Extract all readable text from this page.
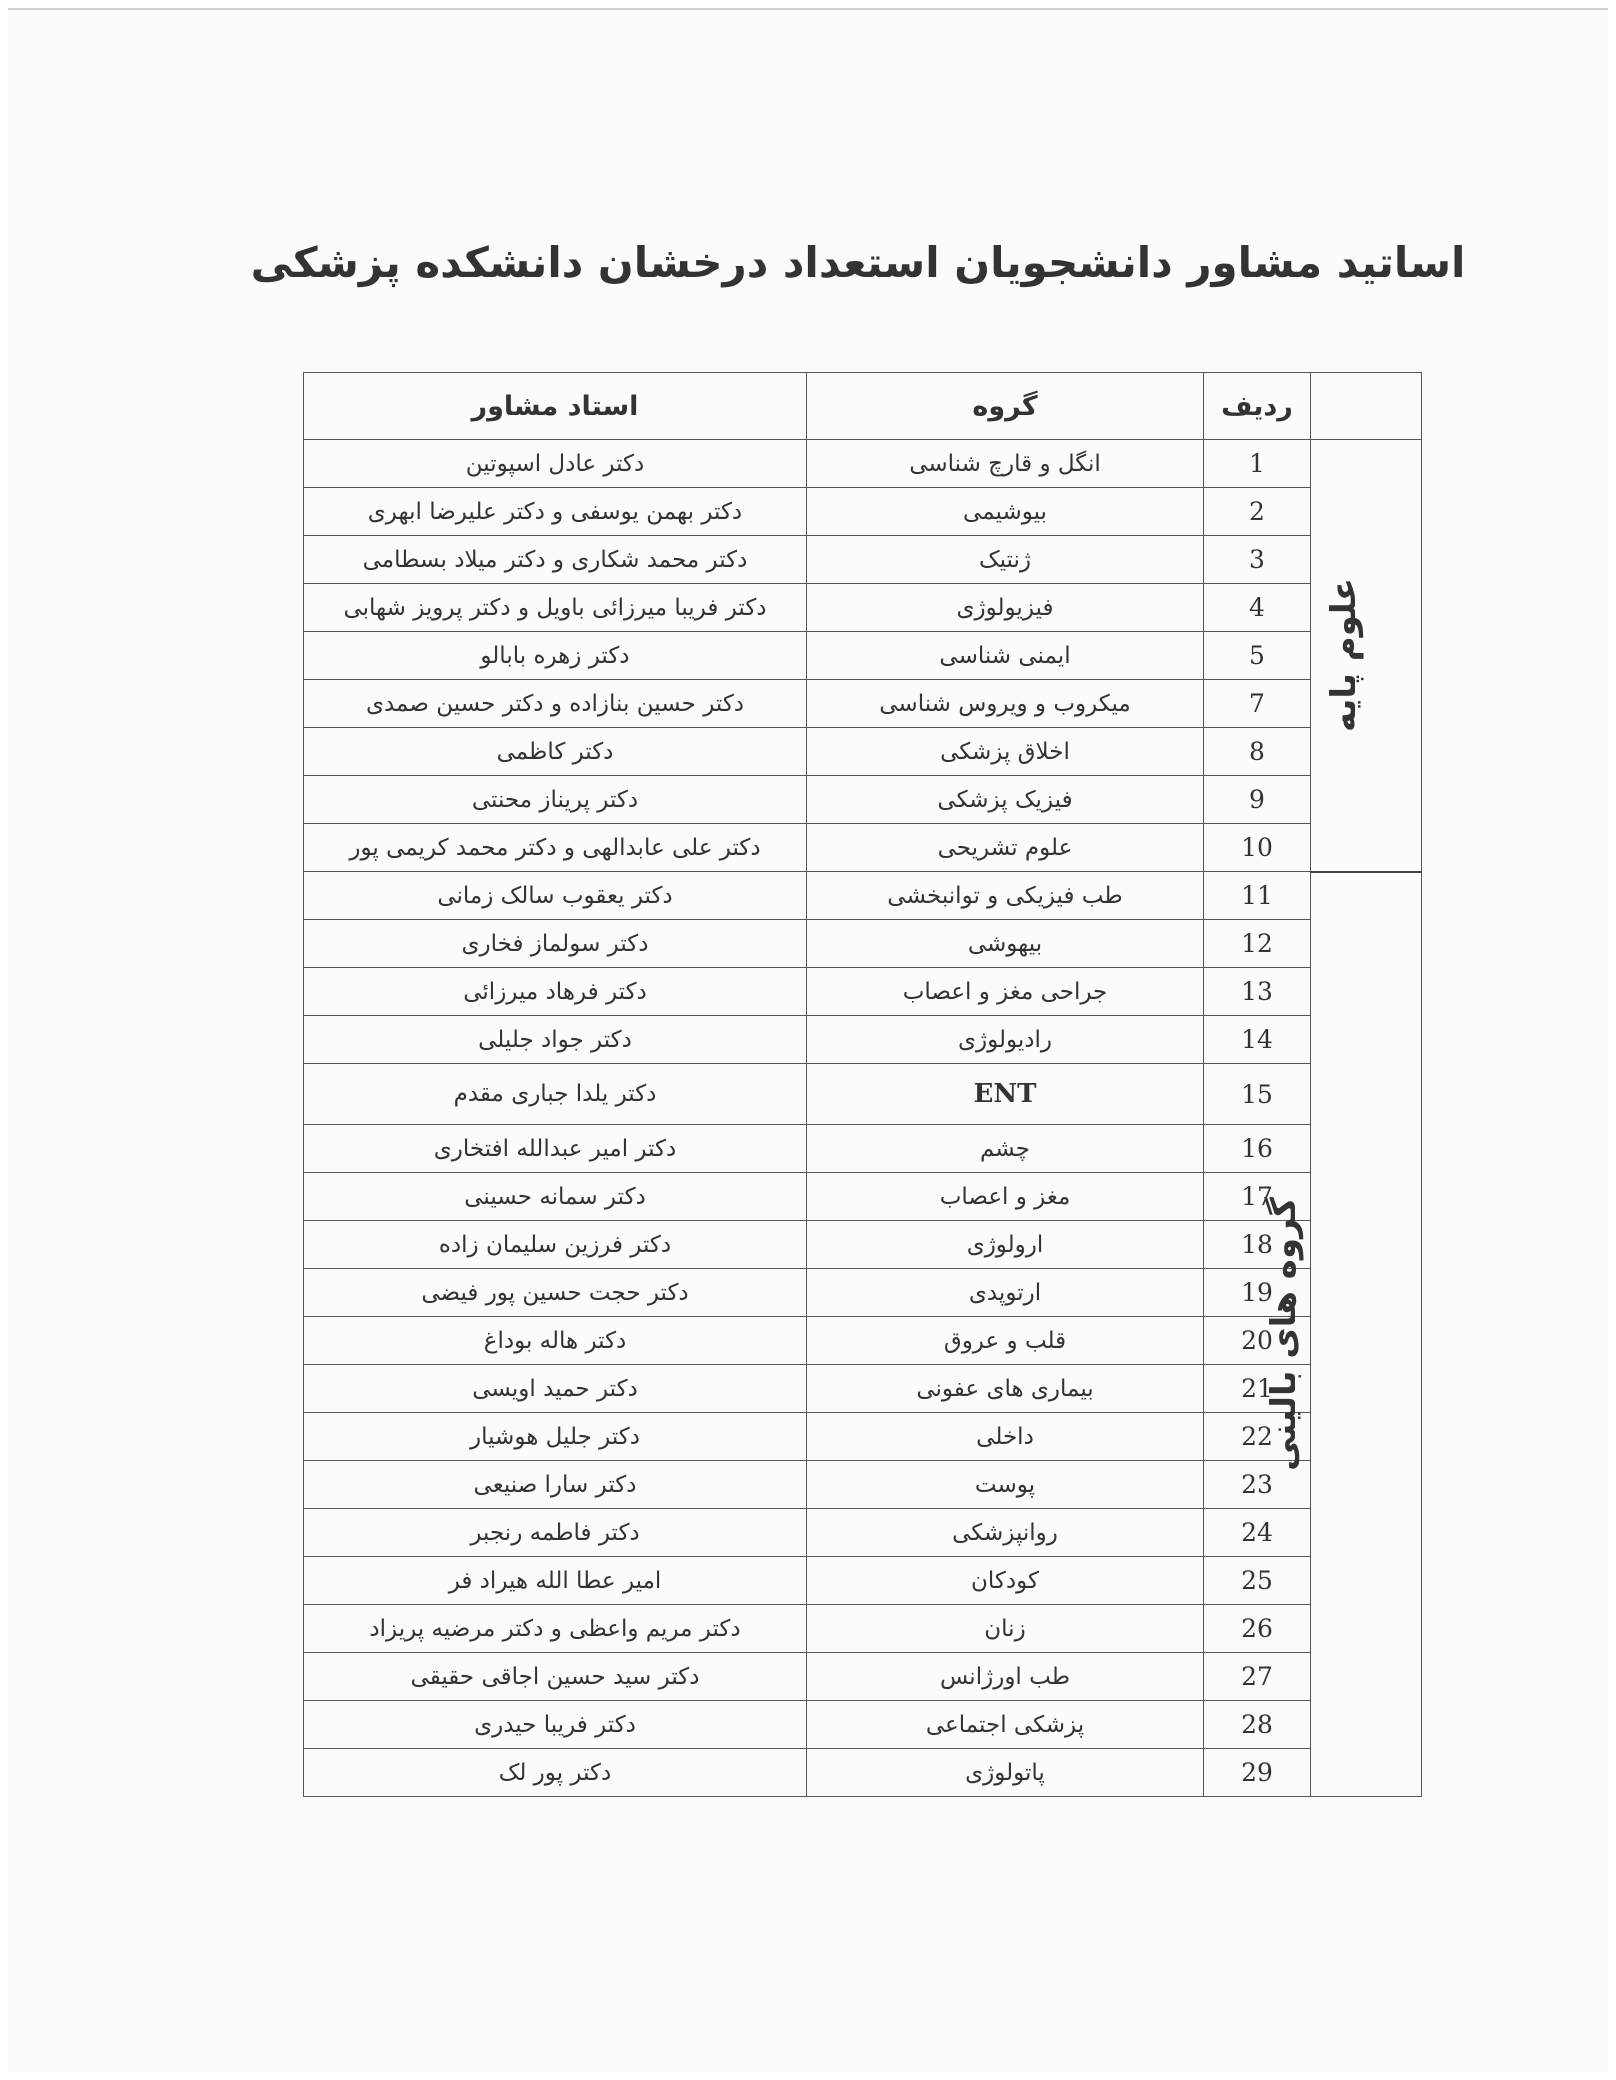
اساتید مشاور دانشجویان استعداد درخشان دانشکده پزشکی
	ردیف	گروه	استاد مشاور
علوم پایه	1	انگل و قارچ شناسی	دکتر عادل اسپوتین
	2	بیوشیمی	دکتر بهمن یوسفی و دکتر علیرضا ابهری
	3	ژنتیک	دکتر محمد شکاری و دکتر میلاد بسطامی
	4	فیزیولوژی	دکتر فریبا میرزائی باویل و دکتر پرویز شهابی
	5	ایمنی شناسی	دکتر زهره بابالو
	7	میکروب و ویروس شناسی	دکتر حسین بنازاده و دکتر حسین صمدی
	8	اخلاق پزشکی	دکتر کاظمی
	9	فیزیک پزشکی	دکتر پریناز محنتی
	10	علوم تشریحی	دکتر علی عابدالهی و دکتر محمد کریمی پور
گروه های بالینی	11	طب فیزیکی و توانبخشی	دکتر یعقوب سالک زمانی
	12	بیهوشی	دکتر سولماز فخاری
	13	جراحی مغز و اعصاب	دکتر فرهاد میرزائی
	14	رادیولوژی	دکتر جواد جلیلی
	15	ENT	دکتر یلدا جباری مقدم
	16	چشم	دکتر امیر عبدالله افتخاری
	17	مغز و اعصاب	دکتر سمانه حسینی
	18	ارولوژی	دکتر فرزین سلیمان زاده
	19	ارتوپدی	دکتر حجت حسین پور فیضی
	20	قلب و عروق	دکتر هاله بوداغ
	21	بیماری های عفونی	دکتر حمید اویسی
	22	داخلی	دکتر جلیل هوشیار
	23	پوست	دکتر سارا صنیعی
	24	روانپزشکی	دکتر فاطمه رنجبر
	25	کودکان	امیر عطا الله هیراد فر
	26	زنان	دکتر مریم واعظی و دکتر مرضیه پریزاد
	27	طب اورژانس	دکتر سید حسین اجاقی حقیقی
	28	پزشکی اجتماعی	دکتر فریبا حیدری
	29	پاتولوژی	دکتر پور لک
